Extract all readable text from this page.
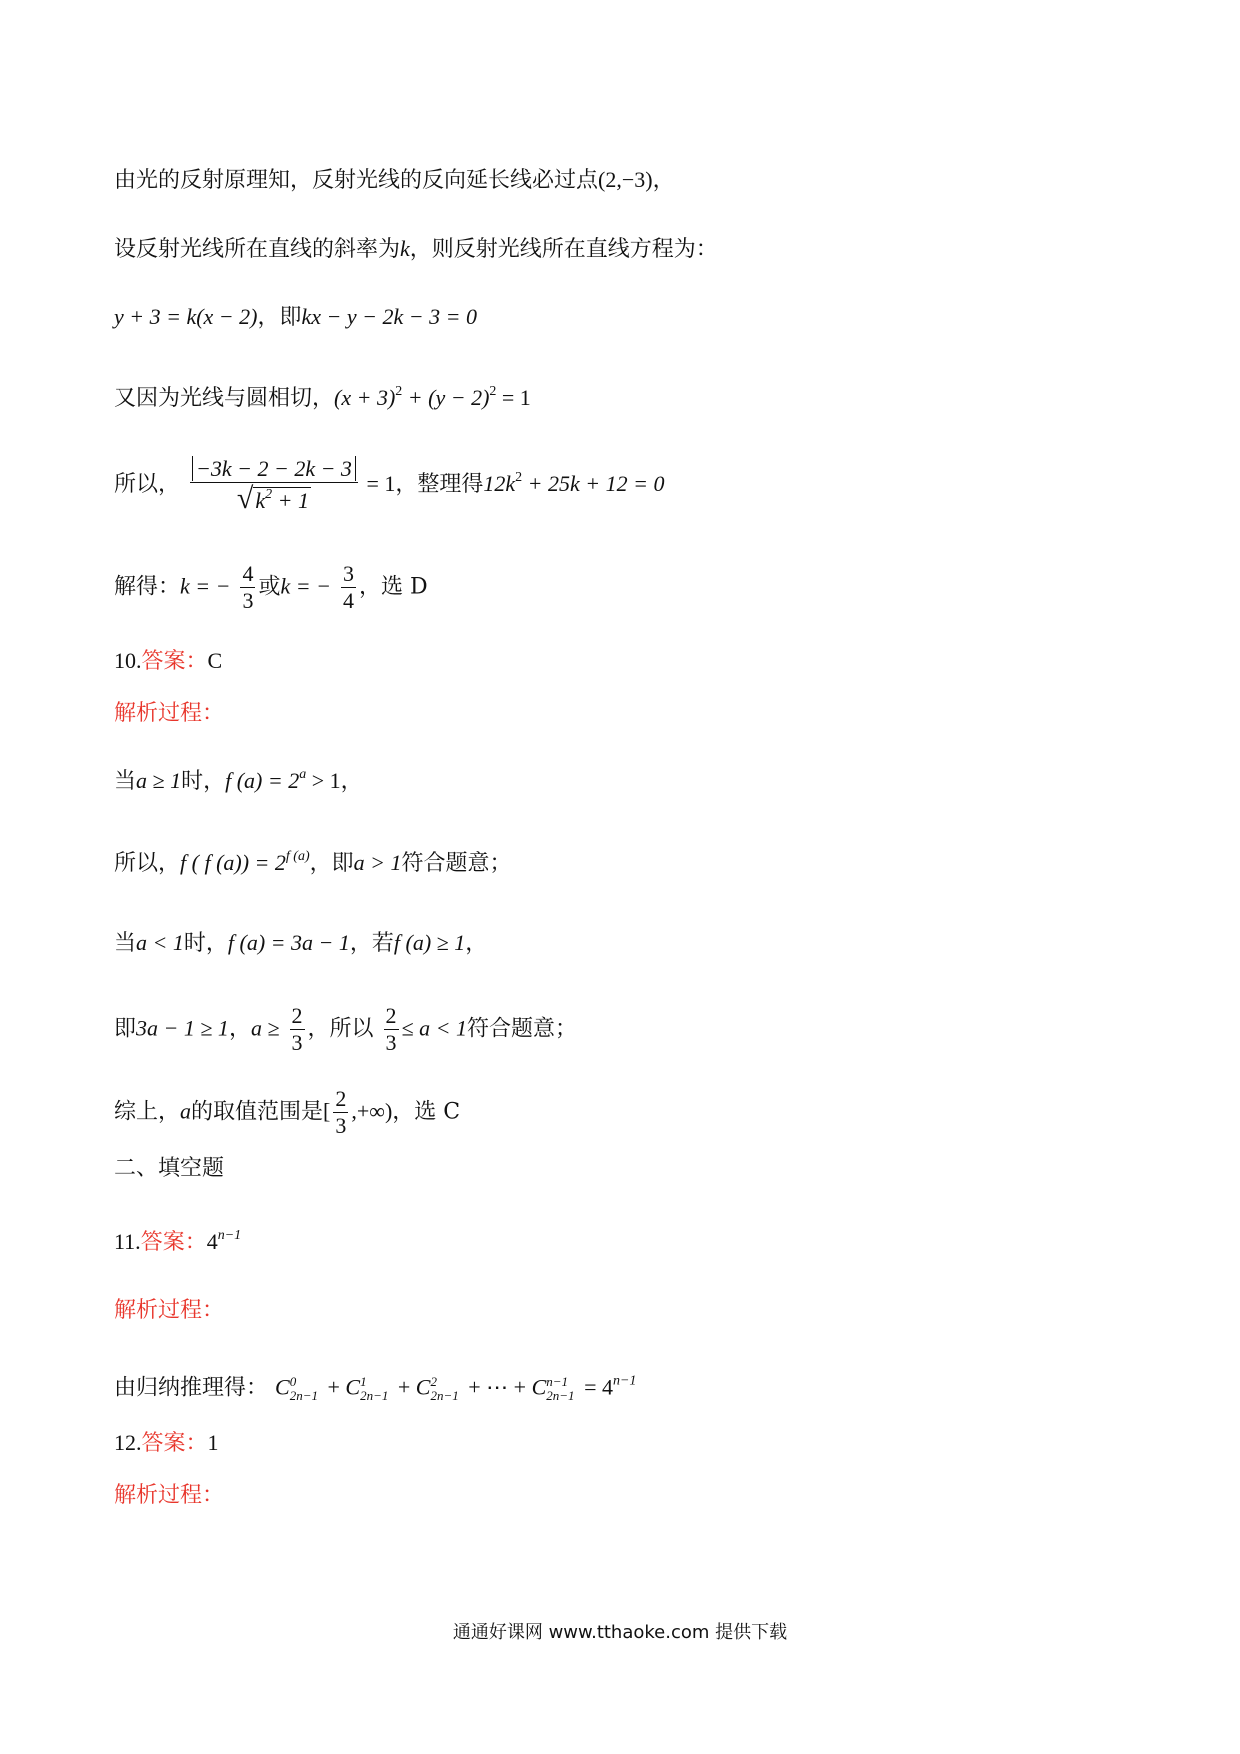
由光的反射原理知，反射光线的反向延长线必过点(2,−3)，
设反射光线所在直线的斜率为k，则反射光线所在直线方程为：
y + 3 = k(x − 2)，即kx − y − 2k − 3 = 0
又因为光线与圆相切，$(x + 3)^2 + (y - 2)^2 = 1$
所以， $\frac{-3k - 2 - 2k - 3}{√ k^2 + 1} = 1$，整理得$12k^2 + 25k + 12 = 0$
解得：k = − $\frac{4}{3}$ 或k = − $\frac{3}{4}$ ，选 D
10.答案：C
解析过程：
当a ≥ 1时，f $(a) = 2^a > 1$，
所以，f ( f $(a)) = 2^{f (a)}$，即a > 1符合题意；
当a < 1时，f (a) = 3a − 1，若f (a) ≥ 1，
即3a − 1 ≥ 1，$a \ge \frac{2}{3}$ ，所以 $\frac{2}{3} \le a < 1$符合题意；
综上，a的取值范围是[ $\frac{2}{3}$ ,+∞)，选 C
二、填空题
11.答案：$4^{n-1}$
解析过程：
由归纳推理得： C 0
2n−1 + C 1
2n−1 + C 2
2n−1 + ⋯ + C n−1
$2n-1 = 4^{n-1}$
12.答案：1
解析过程：
通通好课网 www.tthaoke.com 提供下载
